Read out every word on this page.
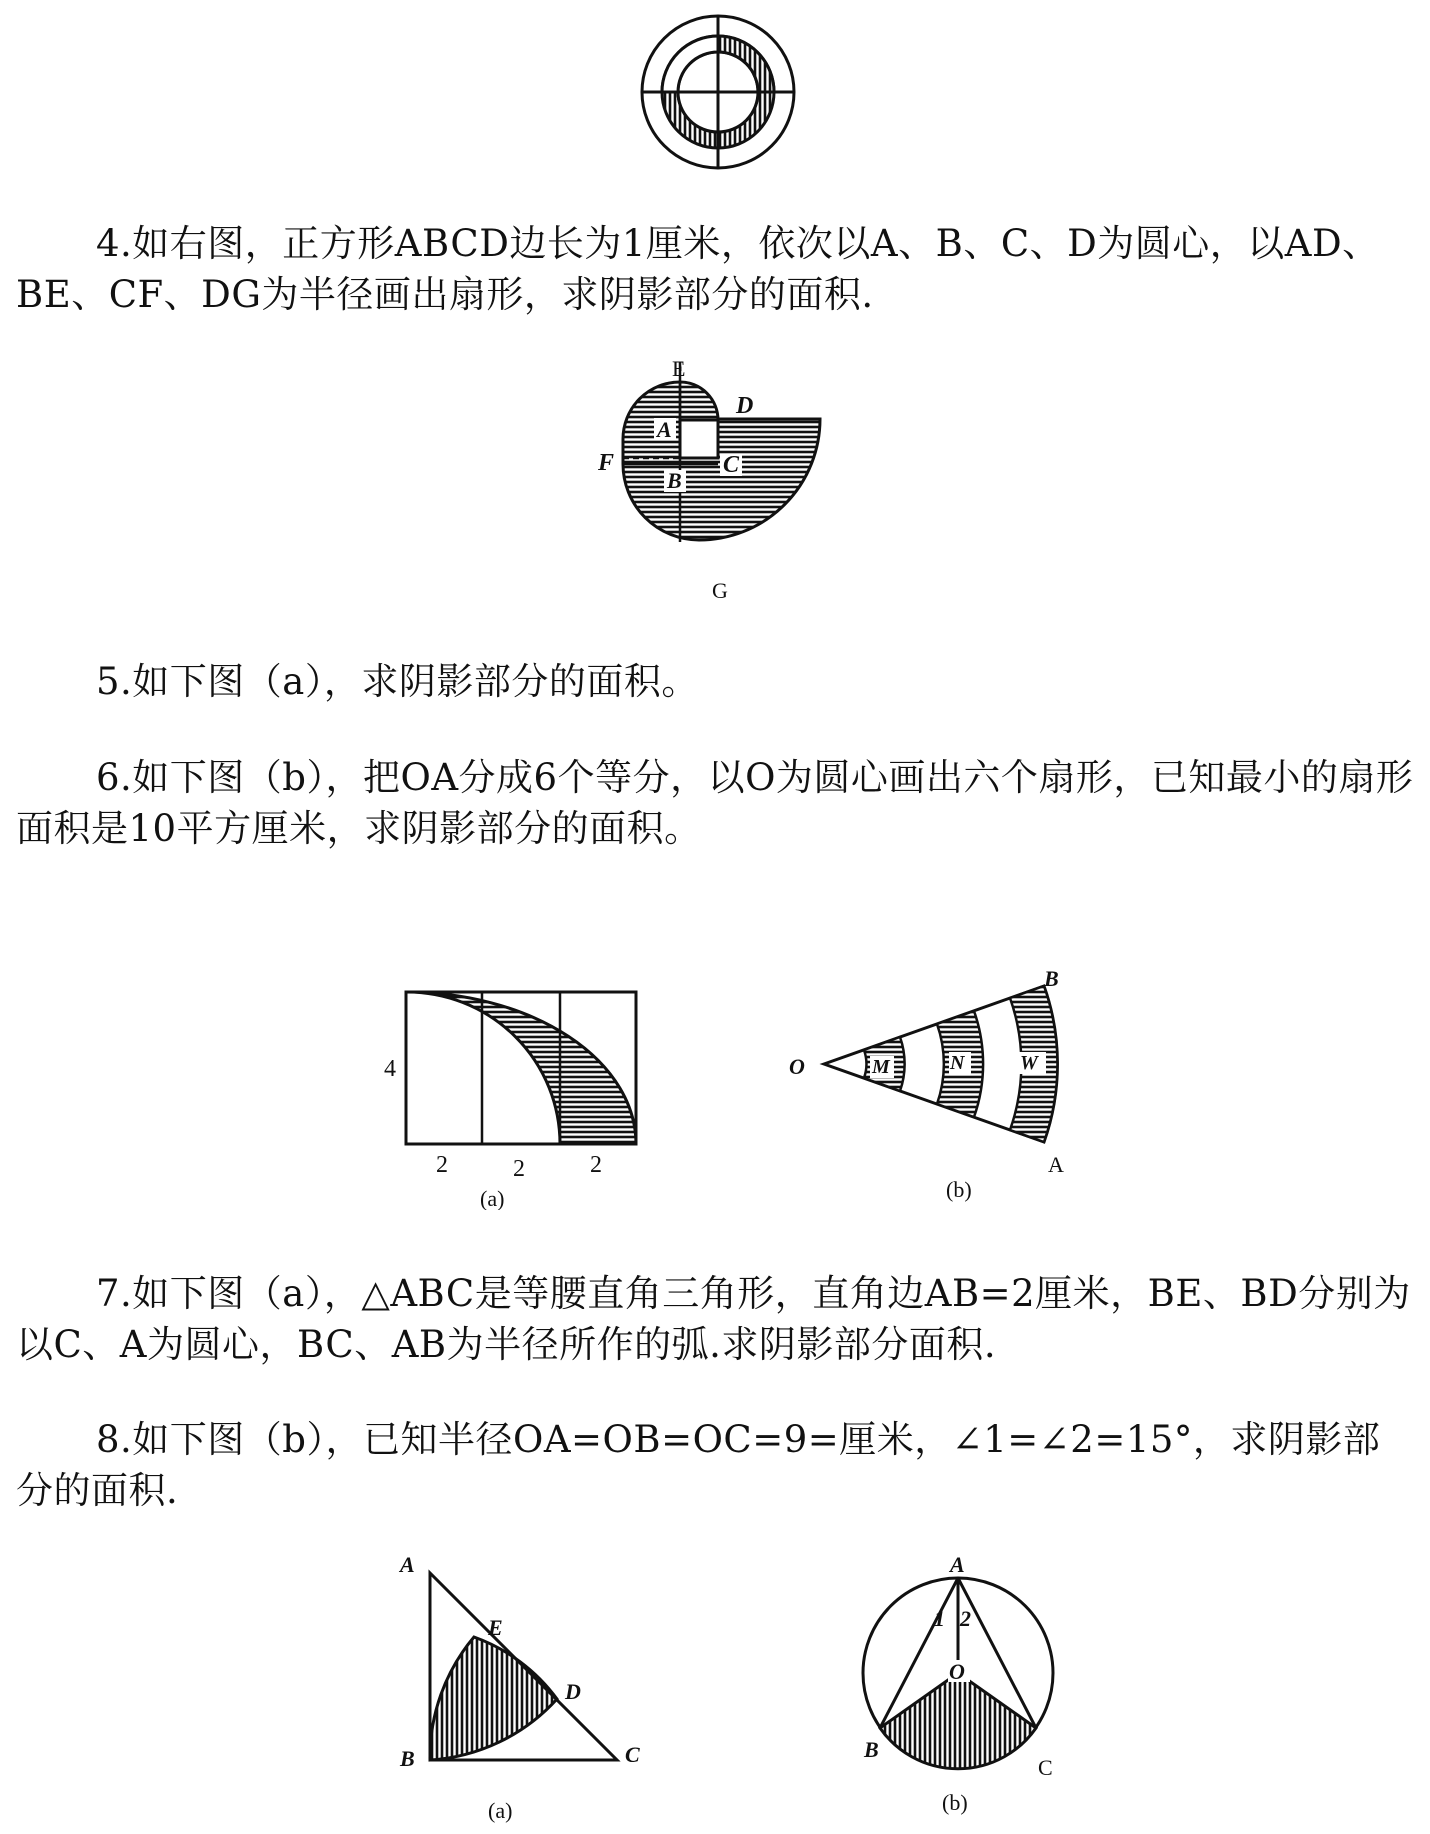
4.如右图，正方形ABCD边长为1厘米，依次以A、B、C、D为圆心，以AD、BE、CF、DG为半径画出扇形，求阴影部分的面积.

E
D
A
F	C
B
G

5.如下图（a），求阴影部分的面积。

6.如下图（b），把OA分成6个等分，以O为圆心画出六个扇形，已知最小的扇形面积是10平方厘米，求阴影部分的面积。

4
2	2	2
(a)
O
B
A
M	N	W
(b)

7.如下图（a），△ABC是等腰直角三角形，直角边AB=2厘米，BE、BD分别为以C、A为圆心，BC、AB为半径所作的弧.求阴影部分面积.

8.如下图（b），已知半径OA=OB=OC=9=厘米，∠1=∠2=15°，求阴影部分的面积.

A
E
D
B	C
(a)
A
1 2
O
B
C
(b)
